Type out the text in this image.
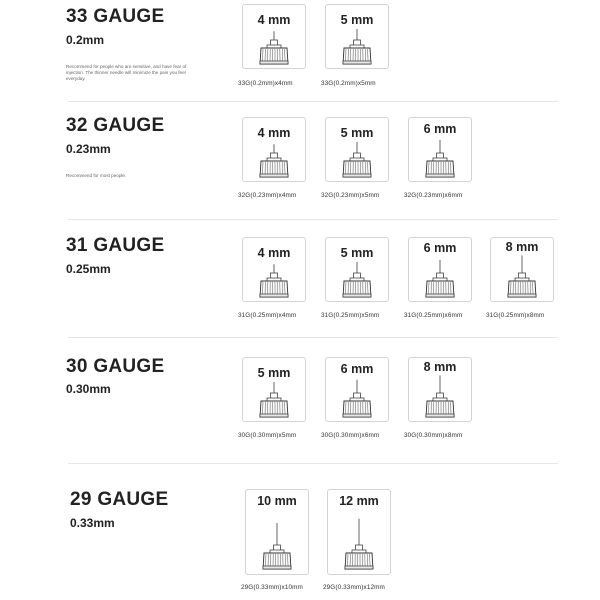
33 GAUGE
0.2mm
Recommend for people who are sensitive, and have fear of injection. The thinner needle will minimize the pain you feel everyday.
4 mm
33G(0.2mm)x4mm
5 mm
33G(0.2mm)x5mm
32 GAUGE
0.23mm
Recommend for most people.
4 mm
32G(0.23mm)x4mm
5 mm
32G(0.23mm)x5mm
6 mm
32G(0.23mm)x6mm
31 GAUGE
0.25mm
4 mm
31G(0.25mm)x4mm
5 mm
31G(0.25mm)x5mm
6 mm
31G(0.25mm)x6mm
8 mm
31G(0.25mm)x8mm
30 GAUGE
0.30mm
5 mm
30G(0.30mm)x5mm
6 mm
30G(0.30mm)x6mm
8 mm
30G(0.30mm)x8mm
29 GAUGE
0.33mm
10 mm
29G(0.33mm)x10mm
12 mm
29G(0.33mm)x12mm
